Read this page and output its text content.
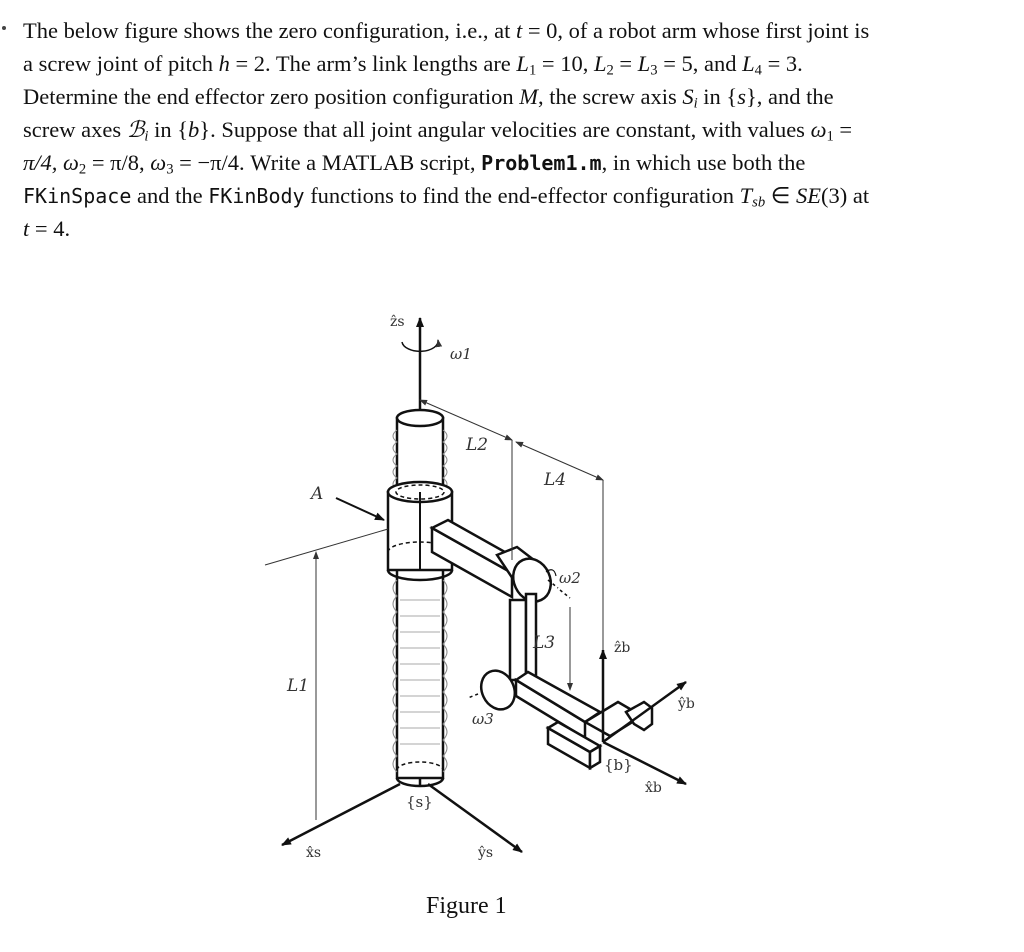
The below figure shows the zero configuration, i.e., at t = 0, of a robot arm whose first joint is
a screw joint of pitch h = 2. The arm’s link lengths are $L_1 = 10$, $L_2 = L_3 = 5$, and $L_4 = 3$.
Determine the end effector zero position configuration M, the screw axis $S_i$ in {s}, and the
screw axes ℬ$_i$ in {b}. Suppose that all joint angular velocities are constant, with values $\omega_1$ =
π/4, $\omega_2 = \pi/8$, $\omega_3 = -\pi/4$. Write a MATLAB script, Problem1.m, in which use both the
FKinSpace and the FKinBody functions to find the end-effector configuration $T_{sb}$ ∈ SE(3) at
t = 4.
ẑs
ω1
L2
L4
A
ω2
L3	ẑb
L1
ŷb
ω3
{b}
x̂b
{s}
x̂s	ŷs
Figure 1
